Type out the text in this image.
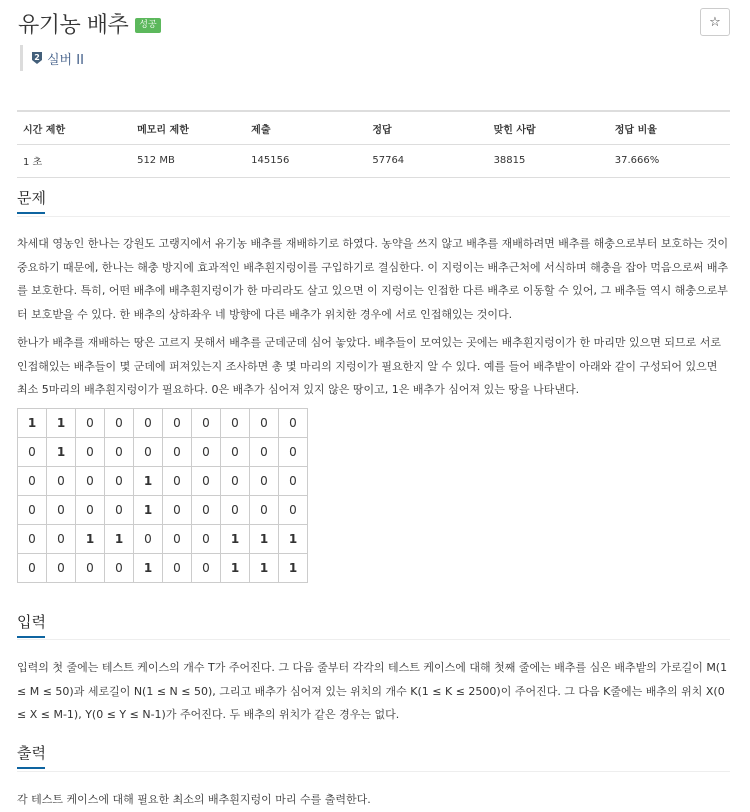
유기농 배추	성공	☆
2 실버 II
시간 제한	메모리 제한	제출	정답	맞힌 사람	정답 비율
1 초	512 MB	145156	57764	38815	37.666%
문제
차세대 영농인 한나는 강원도 고랭지에서 유기농 배추를 재배하기로 하였다. 농약을 쓰지 않고 배추를 재배하려면 배추를 해충으로부터 보호하는 것이 중요하기 때문에, 한나는 해충 방지에 효과적인 배추흰지렁이를 구입하기로 결심한다. 이 지렁이는 배추근처에 서식하며 해충을 잡아 먹음으로써 배추를 보호한다. 특히, 어떤 배추에 배추흰지렁이가 한 마리라도 살고 있으면 이 지렁이는 인접한 다른 배추로 이동할 수 있어, 그 배추들 역시 해충으로부터 보호받을 수 있다. 한 배추의 상하좌우 네 방향에 다른 배추가 위치한 경우에 서로 인접해있는 것이다.
한나가 배추를 재배하는 땅은 고르지 못해서 배추를 군데군데 심어 놓았다. 배추들이 모여있는 곳에는 배추흰지렁이가 한 마리만 있으면 되므로 서로 인접해있는 배추들이 몇 군데에 퍼져있는지 조사하면 총 몇 마리의 지렁이가 필요한지 알 수 있다. 예를 들어 배추밭이 아래와 같이 구성되어 있으면 최소 5마리의 배추흰지렁이가 필요하다. 0은 배추가 심어져 있지 않은 땅이고, 1은 배추가 심어져 있는 땅을 나타낸다.
1	1	0	0	0	0	0	0	0	0
0	1	0	0	0	0	0	0	0	0
0	0	0	0	1	0	0	0	0	0
0	0	0	0	1	0	0	0	0	0
0	0	1	1	0	0	0	1	1	1
0	0	0	0	1	0	0	1	1	1
입력
입력의 첫 줄에는 테스트 케이스의 개수 T가 주어진다. 그 다음 줄부터 각각의 테스트 케이스에 대해 첫째 줄에는 배추를 심은 배추밭의 가로길이 M(1 ≤ M ≤ 50)과 세로길이 N(1 ≤ N ≤ 50), 그리고 배추가 심어져 있는 위치의 개수 K(1 ≤ K ≤ 2500)이 주어진다. 그 다음 K줄에는 배추의 위치 X(0 ≤ X ≤ M-1), Y(0 ≤ Y ≤ N-1)가 주어진다. 두 배추의 위치가 같은 경우는 없다.
출력
각 테스트 케이스에 대해 필요한 최소의 배추흰지렁이 마리 수를 출력한다.
